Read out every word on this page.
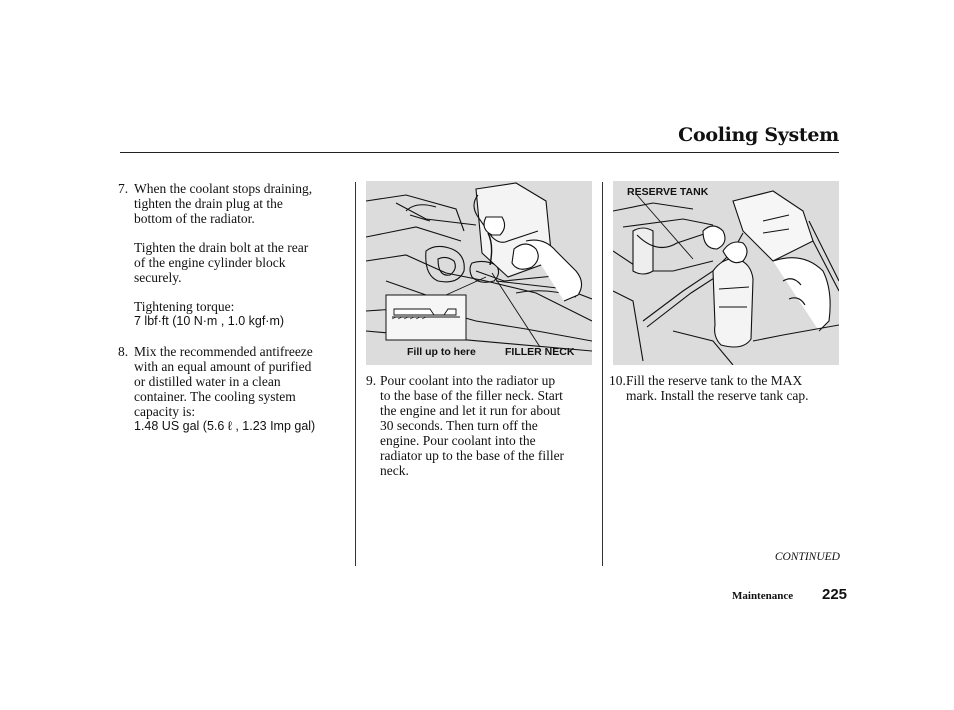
Cooling System
7. When the coolant stops draining,
tighten the drain plug at the
bottom of the radiator.
Tighten the drain bolt at the rear
of the engine cylinder block
securely.
Tightening torque:
7 lbf·ft (10 N·m , 1.0 kgf·m)
8. Mix the recommended antifreeze
with an equal amount of purified
or distilled water in a clean
container. The cooling system
capacity is:
1.48 US gal (5.6 ℓ , 1.23 Imp gal)
Fill up to here	FILLER NECK
RESERVE TANK
9. Pour coolant into the radiator up
to the base of the filler neck. Start
the engine and let it run for about
30 seconds. Then turn off the
engine. Pour coolant into the
radiator up to the base of the filler
neck.
10. Fill the reserve tank to the MAX
mark. Install the reserve tank cap.
CONTINUED
Maintenance 225
